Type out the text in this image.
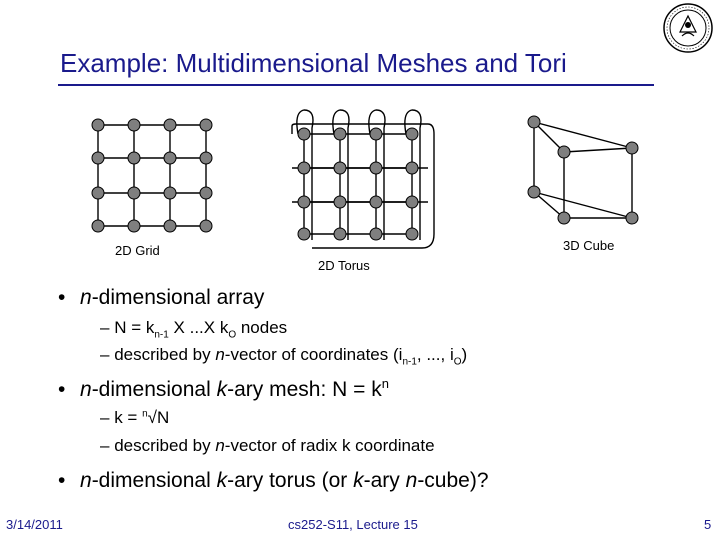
Example: Multidimensional Meshes and Tori
2D Grid
2D Torus
3D Cube
• n-dimensional array
– $N = k_{n-1}$ X ...X $k_O$ nodes
– described by n-vector of coordinates ($i_{n-1}$, ..., $i_O$)
• n-dimensional k-ary mesh: $N = k^n$
– k = $^n$√N
– described by n-vector of radix k coordinate
• n-dimensional k-ary torus (or k-ary n-cube)?
3/14/2011	cs252-S11, Lecture 15	5
